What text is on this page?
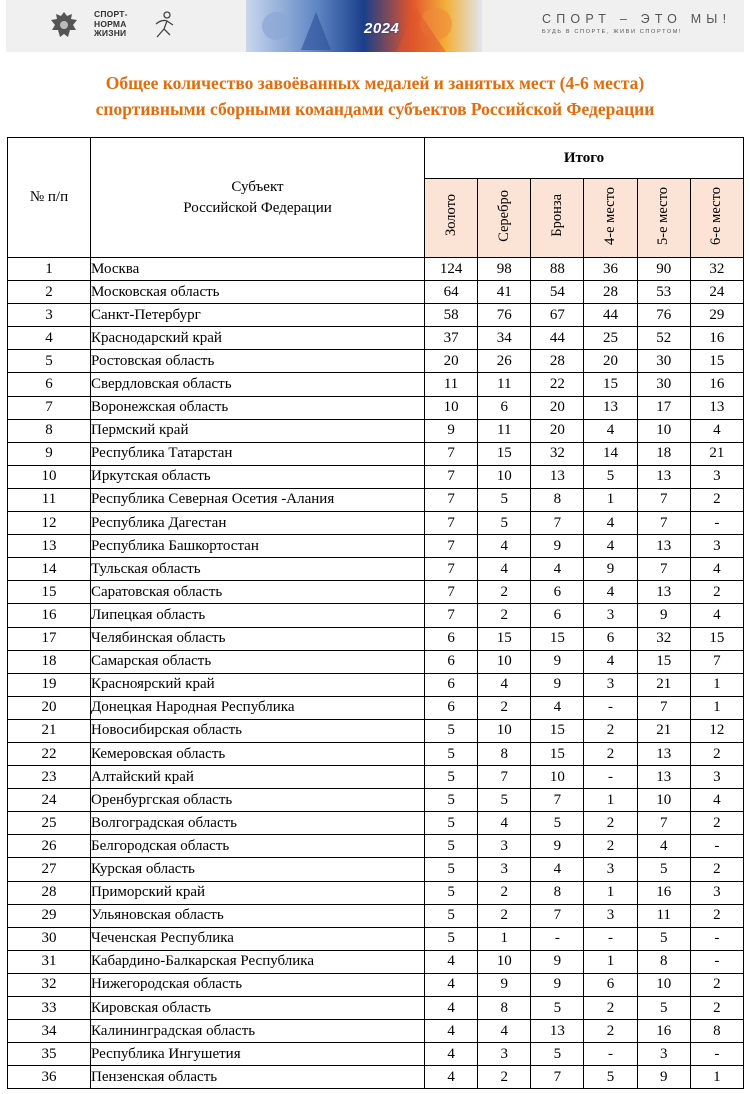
СПОРТ-
НОРМА
ЖИЗНИ	2024
СПОРТ – ЭТО МЫ!
БУДЬ В СПОРТЕ, ЖИВИ СПОРТОМ!
Общее количество завоёванных медалей и занятых мест (4-6 места)
спортивными сборными командами субъектов Российской Федерации
№ п/п	Субъект
Российской Федерации	Итого					
		Золото	Серебро	Бронза	4-е место	5-е место	6-е место
1	Москва	124	98	88	36	90	32
2	Московская область	64	41	54	28	53	24
3	Санкт-Петербург	58	76	67	44	76	29
4	Краснодарский край	37	34	44	25	52	16
5	Ростовская область	20	26	28	20	30	15
6	Свердловская область	11	11	22	15	30	16
7	Воронежская область	10	6	20	13	17	13
8	Пермский край	9	11	20	4	10	4
9	Республика Татарстан	7	15	32	14	18	21
10	Иркутская область	7	10	13	5	13	3
11	Республика Северная Осетия -Алания	7	5	8	1	7	2
12	Республика Дагестан	7	5	7	4	7	-
13	Республика Башкортостан	7	4	9	4	13	3
14	Тульская область	7	4	4	9	7	4
15	Саратовская область	7	2	6	4	13	2
16	Липецкая область	7	2	6	3	9	4
17	Челябинская область	6	15	15	6	32	15
18	Самарская область	6	10	9	4	15	7
19	Красноярский край	6	4	9	3	21	1
20	Донецкая Народная Республика	6	2	4	-	7	1
21	Новосибирская область	5	10	15	2	21	12
22	Кемеровская область	5	8	15	2	13	2
23	Алтайский край	5	7	10	-	13	3
24	Оренбургская область	5	5	7	1	10	4
25	Волгоградская область	5	4	5	2	7	2
26	Белгородская область	5	3	9	2	4	-
27	Курская область	5	3	4	3	5	2
28	Приморский край	5	2	8	1	16	3
29	Ульяновская область	5	2	7	3	11	2
30	Чеченская Республика	5	1	-	-	5	-
31	Кабардино-Балкарская Республика	4	10	9	1	8	-
32	Нижегородская область	4	9	9	6	10	2
33	Кировская область	4	8	5	2	5	2
34	Калининградская область	4	4	13	2	16	8
35	Республика Ингушетия	4	3	5	-	3	-
36	Пензенская область	4	2	7	5	9	1
